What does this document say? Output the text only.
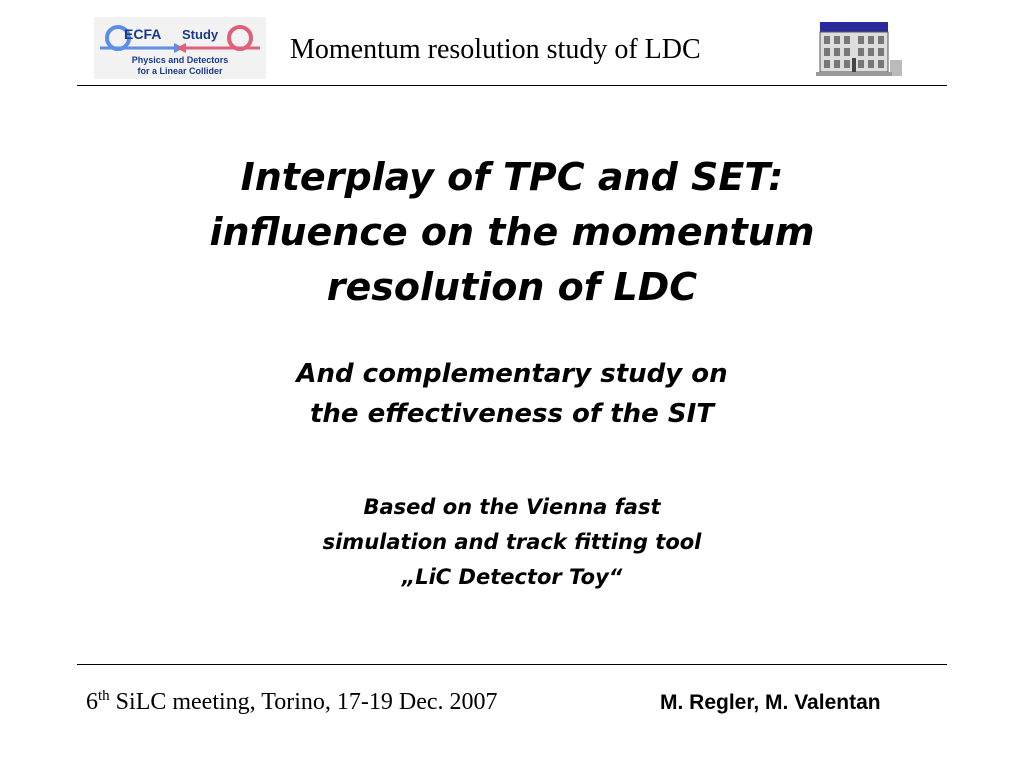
ECFA Study
Physics and Detectors
for a Linear Collider
Momentum resolution study of LDC
Interplay of TPC and SET:
influence on the momentum
resolution of LDC
And complementary study on
the effectiveness of the SIT
Based on the Vienna fast
simulation and track fitting tool
„LiC Detector Toy“
6th SiLC meeting, Torino, 17-19 Dec. 2007	M. Regler, M. Valentan
